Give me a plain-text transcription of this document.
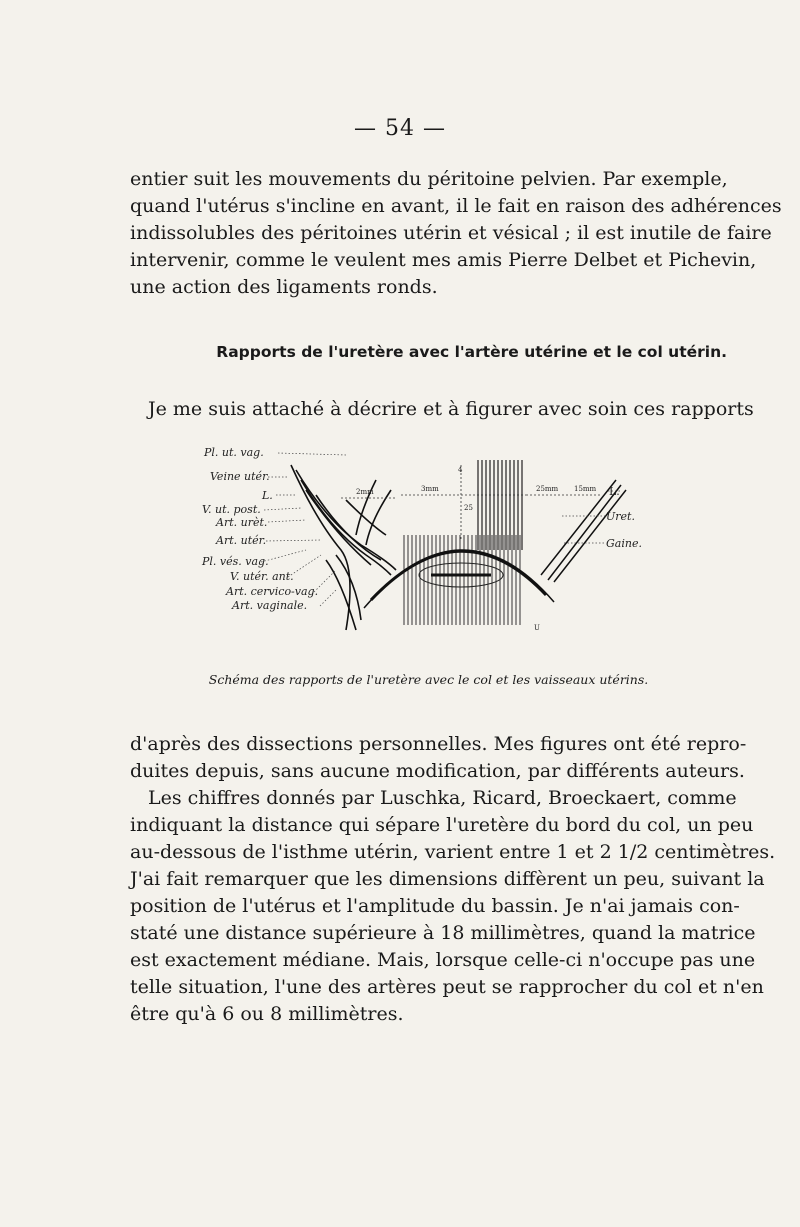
— 54 —
entier suit les mouvements du péritoine pelvien. Par exemple,
quand l'utérus s'incline en avant, il le fait en raison des adhérences
indissolubles des péritoines utérin et vésical ; il est inutile de faire
intervenir, comme le veulent mes amis Pierre Delbet et Pichevin,
une action des ligaments ronds.
Rapports de l'uretère avec l'artère utérine et le col utérin.
Je me suis attaché à décrire et à figurer avec soin ces rapports
2mm	3mm
25
25mm 15mm
4
U
Pl. ut. vag.
Veine utér.
L.
V. ut. post.
Art. urèt.
Art. utér.
Pl. vés. vag.
V. utér. ant.
Art. cervico-vag.
Art. vaginale.
L.
Uret.
Gaine.
Schéma des rapports de l'uretère avec le col et les vaisseaux utérins.
d'après des dissections personnelles. Mes figures ont été repro-
duites depuis, sans aucune modification, par différents auteurs.
Les chiffres donnés par Luschka, Ricard, Broeckaert, comme
indiquant la distance qui sépare l'uretère du bord du col, un peu
au-dessous de l'isthme utérin, varient entre 1 et 2 1/2 centimètres.
J'ai fait remarquer que les dimensions diffèrent un peu, suivant la
position de l'utérus et l'amplitude du bassin. Je n'ai jamais con-
staté une distance supérieure à 18 millimètres, quand la matrice
est exactement médiane. Mais, lorsque celle-ci n'occupe pas une
telle situation, l'une des artères peut se rapprocher du col et n'en
être qu'à 6 ou 8 millimètres.
